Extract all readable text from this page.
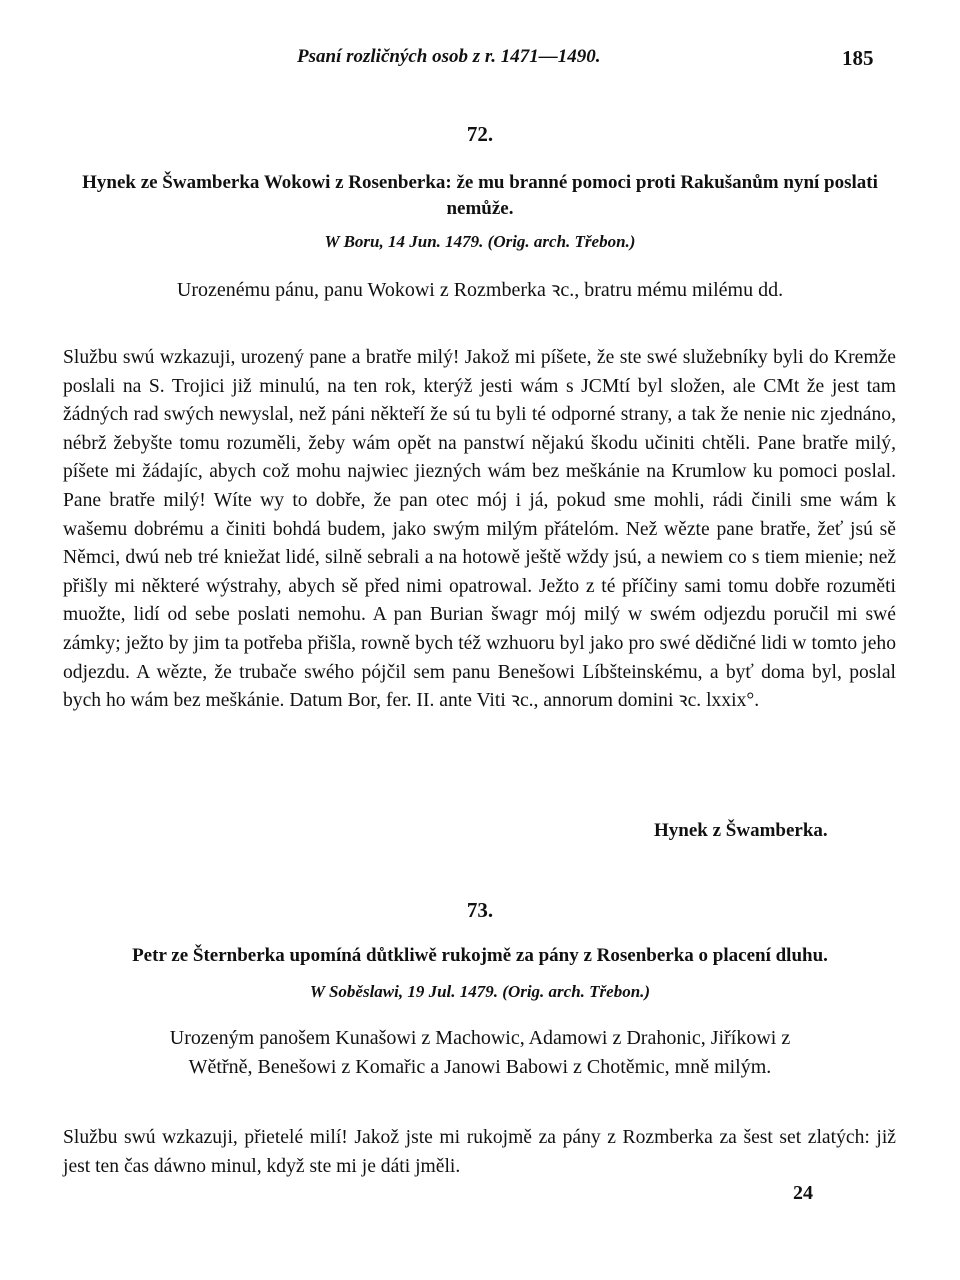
Psaní rozličných osob z r. 1471—1490.	185
72.
Hynek ze Šwamberka Wokowi z Rosenberka: že mu branné pomoci proti Rakušanům nyní poslati nemůže.
W Boru, 14 Jun. 1479. (Orig. arch. Třebon.)
Urozenému pánu, panu Wokowi z Rozmberka ꝛc., bratru mému milému dd.
Službu swú wzkazuji, urozený pane a bratře milý! Jakož mi píšete, že ste swé služebníky byli do Kremže poslali na S. Trojici již minulú, na ten rok, kterýž jesti wám s JCMtí byl složen, ale CMt že jest tam žádných rad swých newyslal, než páni někteří že sú tu byli té odporné strany, a tak že nenie nic zjednáno, nébrž žebyšte tomu rozuměli, žeby wám opět na panstwí nějakú škodu učiniti chtěli. Pane bratře milý, píšete mi žádajíc, abych což mohu najwiec jiezných wám bez meškánie na Krumlow ku pomoci poslal. Pane bratře milý! Wíte wy to dobře, že pan otec mój i já, pokud sme mohli, rádi činili sme wám k wašemu dobrému a činiti bohdá budem, jako swým milým přátelóm. Než wězte pane bratře, žeť jsú sě Němci, dwú neb tré kniežat lidé, silně sebrali a na hotowě ještě wždy jsú, a newiem co s tiem mienie; než přišly mi některé wýstrahy, abych sě před nimi opatrowal. Ježto z té příčiny sami tomu dobře rozuměti muožte, lidí od sebe poslati nemohu. A pan Burian šwagr mój milý w swém odjezdu poručil mi swé zámky; ježto by jim ta potřeba přišla, rowně bych též wzhuoru byl jako pro swé dědičné lidi w tomto jeho odjezdu. A wězte, že trubače swého pójčil sem panu Benešowi Líbšteinskému, a byť doma byl, poslal bych ho wám bez meškánie. Datum Bor, fer. II. ante Viti ꝛc., annorum domini ꝛc. lxxix°.
Hynek z Šwamberka.
73.
Petr ze Šternberka upomíná důtkliwě rukojmě za pány z Rosenberka o placení dluhu.
W Soběslawi, 19 Jul. 1479. (Orig. arch. Třebon.)
Urozeným panošem Kunašowi z Machowic, Adamowi z Drahonic, Jiříkowi z Wětřně, Benešowi z Komařic a Janowi Babowi z Chotěmic, mně milým.
Službu swú wzkazuji, přietelé milí! Jakož jste mi rukojmě za pány z Rozmberka za šest set zlatých: již jest ten čas dáwno minul, když ste mi je dáti jměli.
24
